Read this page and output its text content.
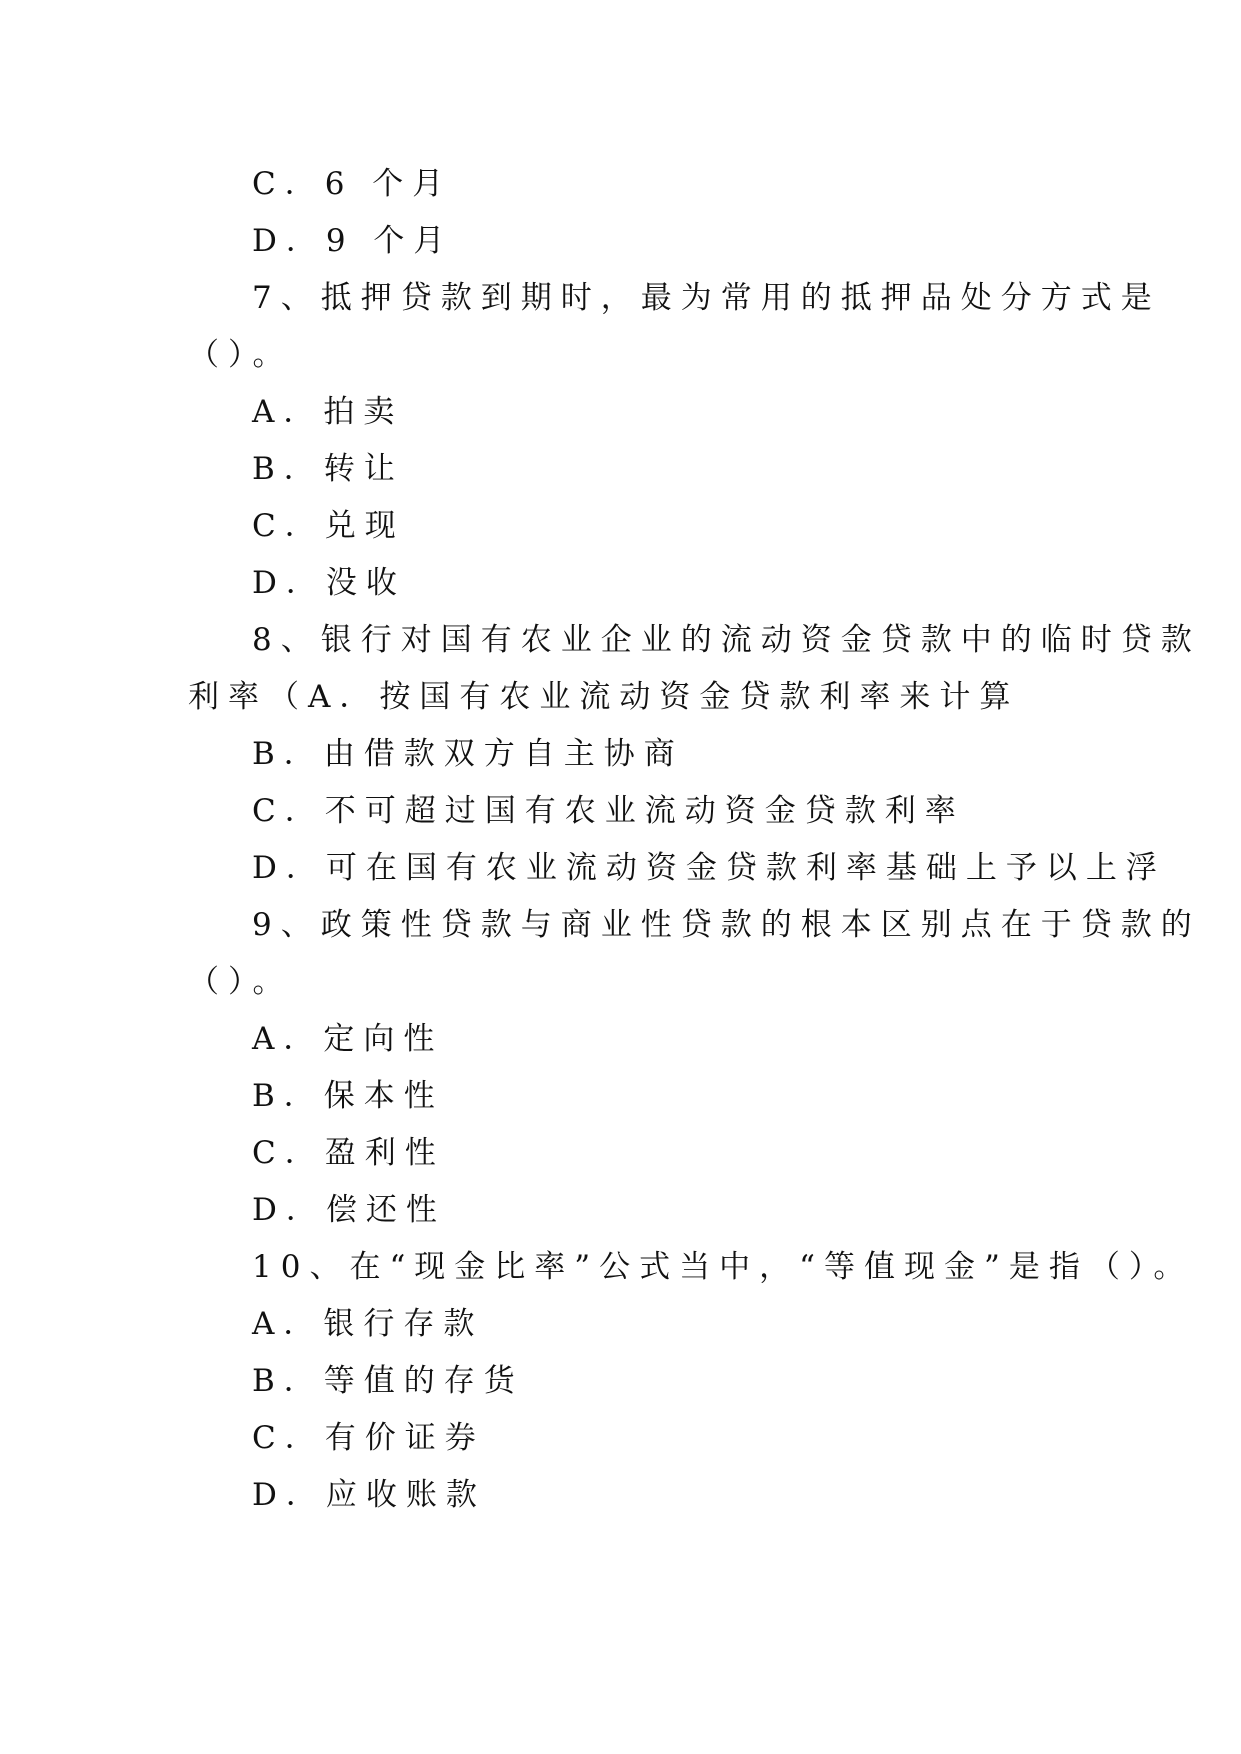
C．6 个月
D．9 个月
7、抵押贷款到期时，最为常用的抵押品处分方式是
（）。
A．拍卖
B．转让
C．兑现
D．没收
8、银行对国有农业企业的流动资金贷款中的临时贷款
利率（A．按国有农业流动资金贷款利率来计算
B．由借款双方自主协商
C．不可超过国有农业流动资金贷款利率
D．可在国有农业流动资金贷款利率基础上予以上浮
9、政策性贷款与商业性贷款的根本区别点在于贷款的
（）。
A．定向性
B．保本性
C．盈利性
D．偿还性
10、在“现金比率”公式当中，“等值现金”是指（）。
A．银行存款
B．等值的存货
C．有价证券
D．应收账款
